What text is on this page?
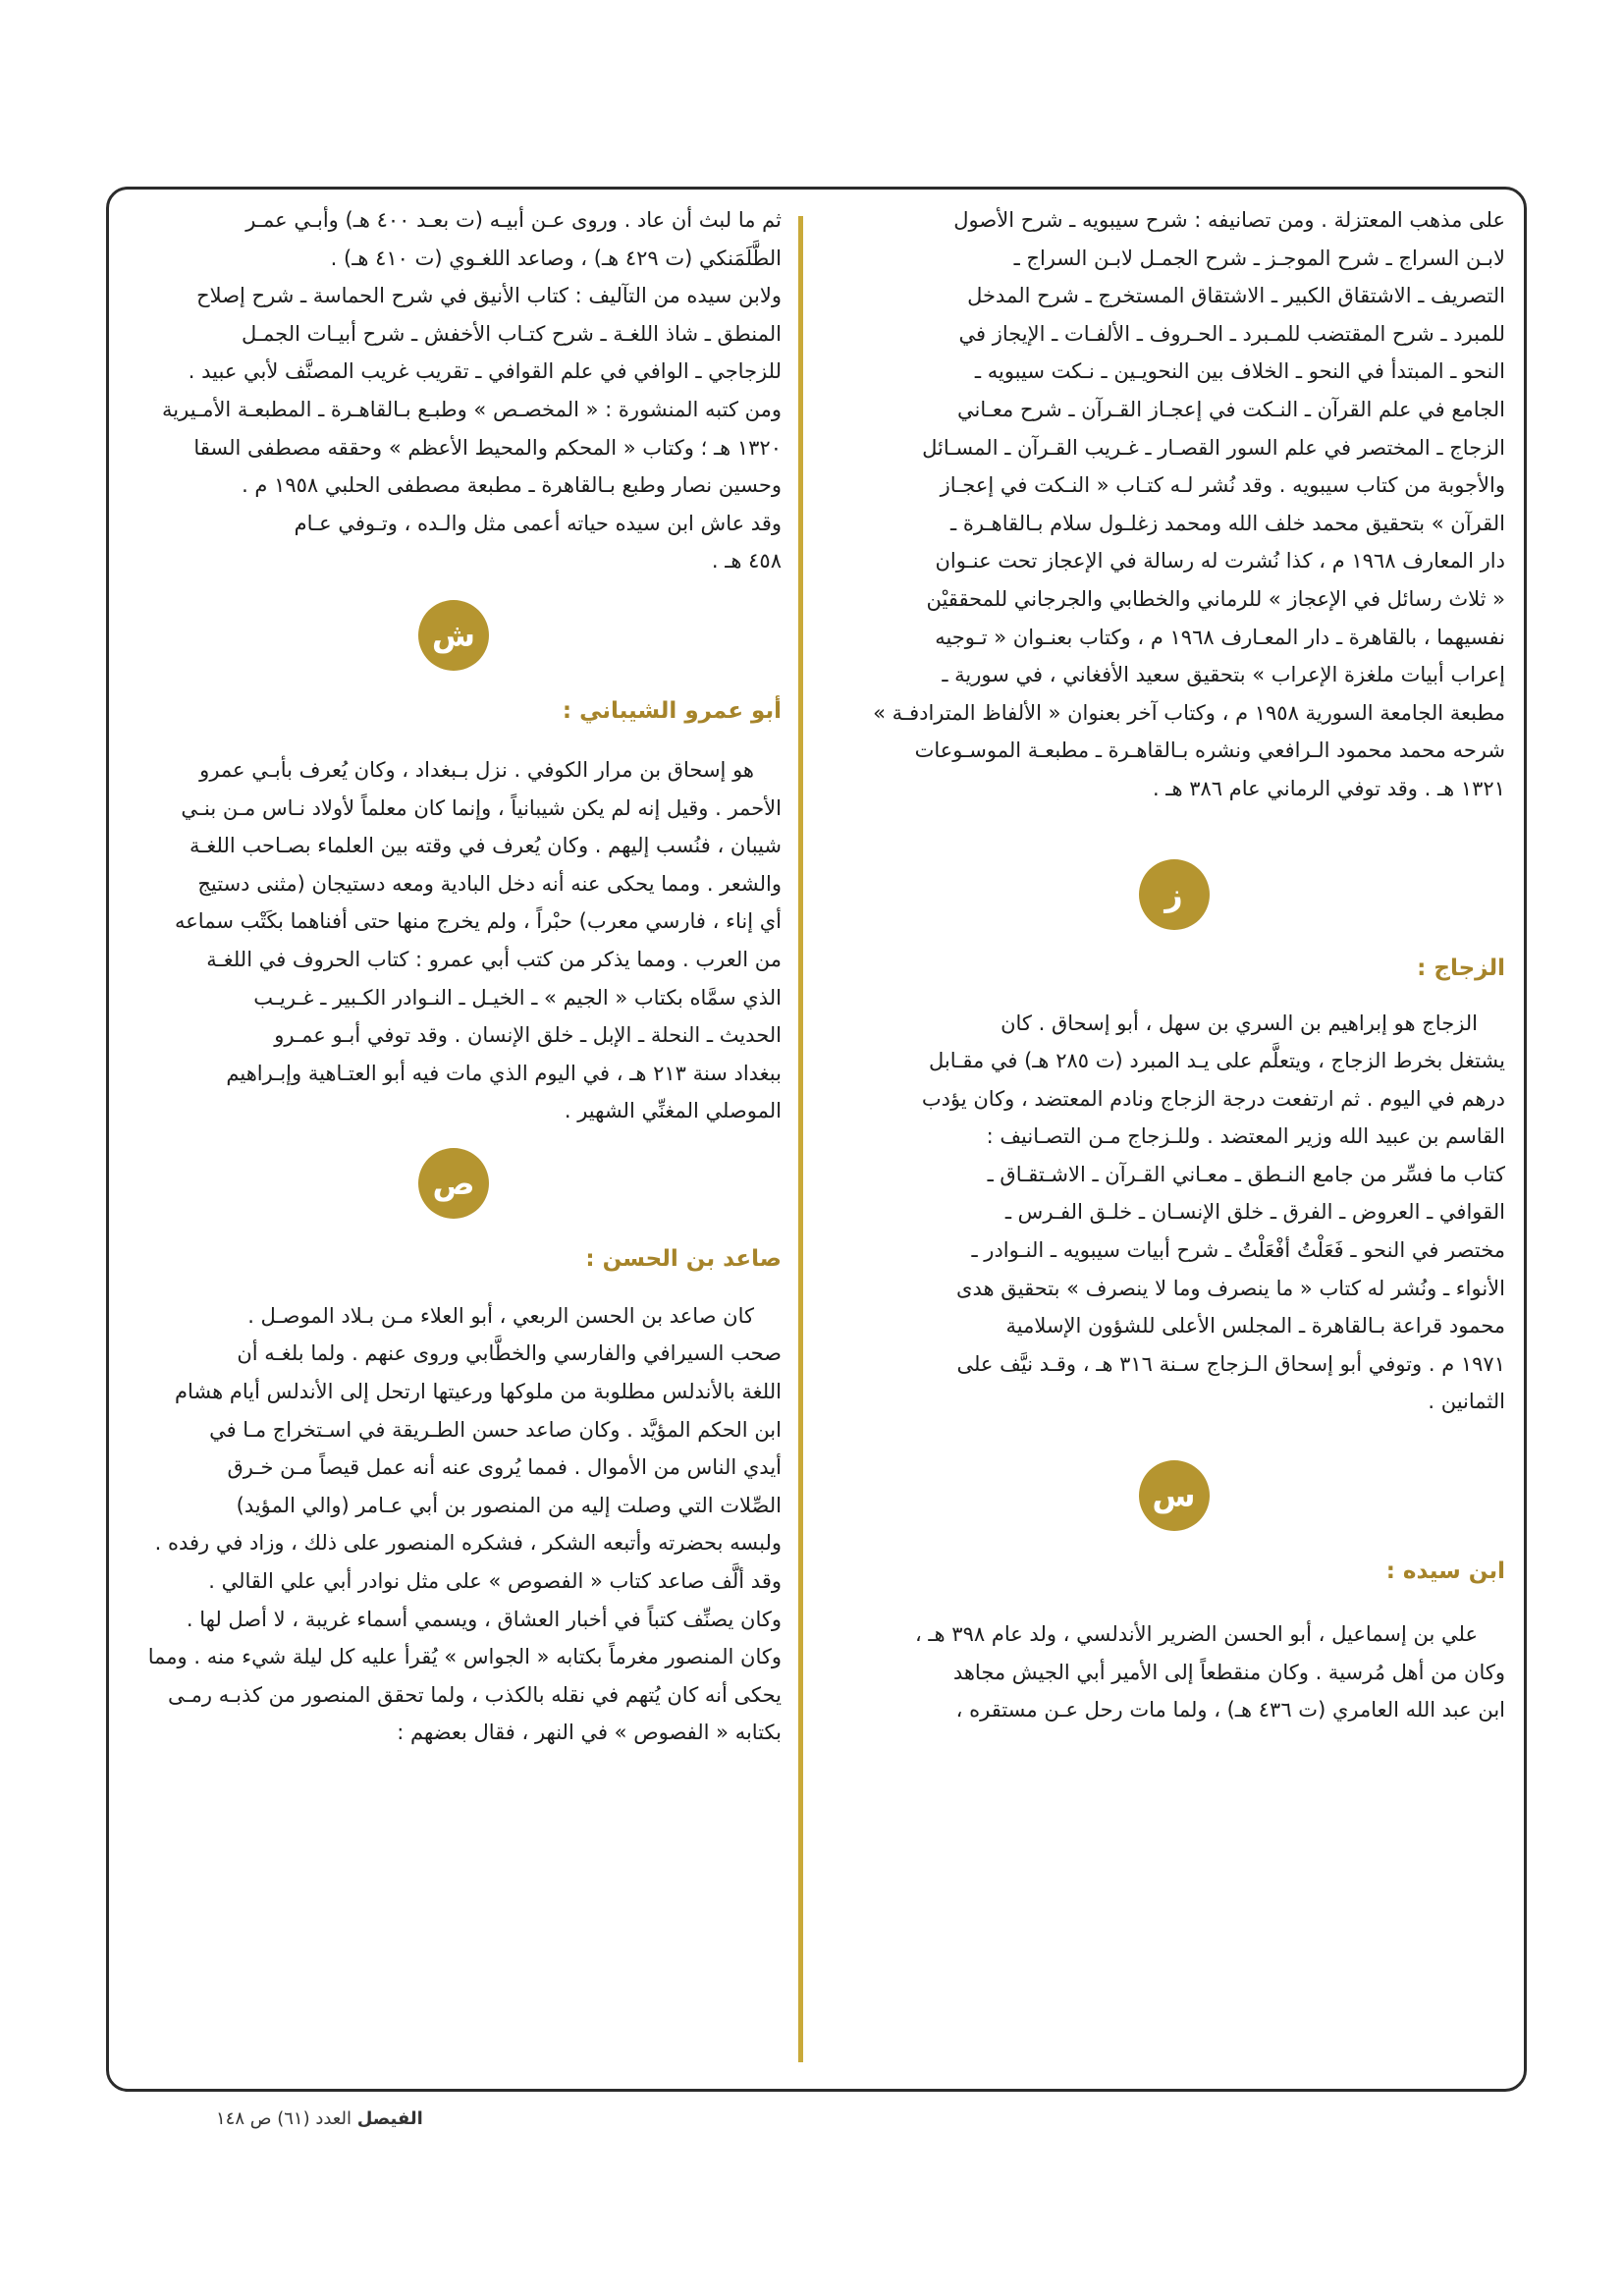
على مذهب المعتزلة . ومن تصانيفه : شرح سيبويه ـ شرح الأصول

لابـن السراج ـ شرح الموجـز ـ شرح الجمـل لابـن السراج ـ

التصريف ـ الاشتقاق الكبير ـ الاشتقاق المستخرج ـ شرح المدخل

للمبرد ـ شرح المقتضب للمـبرد ـ الحـروف ـ الألفـات ـ الإيجاز في

النحو ـ المبتدأ في النحو ـ الخلاف بين النحويـين ـ نـكت سيبويه ـ

الجامع في علم القرآن ـ النـكت في إعجـاز القـرآن ـ شرح معـاني

الزجاج ـ المختصر في علم السور القصـار ـ غـريب القـرآن ـ المسـائل

والأجوبة من كتاب سيبويه . وقد نُشر لـه كتـاب « النـكت في إعجـاز

القرآن » بتحقيق محمد خلف الله ومحمد زغلـول سلام بـالقاهـرة ـ

دار المعارف ١٩٦٨ م ، كذا نُشرت له رسالة في الإعجاز تحت عنـوان

« ثلاث رسائل في الإعجاز » للرماني والخطابي والجرجاني للمحققيْن

نفسيهما ، بالقاهرة ـ دار المعـارف ١٩٦٨ م ، وكتاب بعنـوان « تـوجيه

إعراب أبيات ملغزة الإعراب » بتحقيق سعيد الأفغاني ، في سورية ـ

مطبعة الجامعة السورية ١٩٥٨ م ، وكتاب آخر بعنوان « الألفاظ المترادفـة »

شرحه محمد محمود الـرافعي ونشره بـالقاهـرة ـ مطبعـة الموسـوعات

١٣٢١ هـ . وقد توفي الرماني عام ٣٨٦ هـ .

ز

الزجاج :

الزجاج هو إبراهيم بن السري بن سهل ، أبو إسحاق . كان

يشتغل بخرط الزجاج ، ويتعلَّم على يـد المبرد (ت ٢٨٥ هـ) في مقـابل

درهم في اليوم . ثم ارتفعت درجة الزجاج ونادم المعتضد ، وكان يؤدب

القاسم بن عبيد الله وزير المعتضد . وللـزجاج مـن التصـانيف :

كتاب ما فسِّر من جامع النـطق ـ معـاني القـرآن ـ الاشـتقـاق ـ

القوافي ـ العروض ـ الفرق ـ خلق الإنسـان ـ خلـق الفـرس ـ

مختصر في النحو ـ فَعَلْتُ أفْعَلْتُ ـ شرح أبيات سيبويه ـ النـوادر ـ

الأنواء ـ ونُشر له كتاب « ما ينصرف وما لا ينصرف » بتحقيق هدى

محمود قراعة بـالقاهرة ـ المجلس الأعلى للشؤون الإسلامية

١٩٧١ م . وتوفي أبو إسحاق الـزجاج سـنة ٣١٦ هـ ، وقـد نيَّف على

الثمانين .

س

ابن سيده :

علي بن إسماعيل ، أبو الحسن الضرير الأندلسي ، ولد عام ٣٩٨ هـ ،

وكان من أهل مُرسية . وكان منقطعاً إلى الأمير أبي الجيش مجاهد

ابن عبد الله العامري (ت ٤٣٦ هـ) ، ولما مات رحل عـن مستقره ،

ثم ما لبث أن عاد . وروى عـن أبيـه (ت بعـد ٤٠٠ هـ) وأبـي عمـر

الطَّلَمَنكي (ت ٤٢٩ هـ) ، وصاعد اللغـوي (ت ٤١٠ هـ) .

ولابن سيده من التآليف : كتاب الأنيق في شرح الحماسة ـ شرح إصلاح

المنطق ـ شاذ اللغـة ـ شرح كتـاب الأخفش ـ شرح أبيـات الجمـل

للزجاجي ـ الوافي في علم القوافي ـ تقريب غريب المصنَّف لأبي عبيد .

ومن كتبه المنشورة : « المخصـص » وطبـع بـالقاهـرة ـ المطبعـة الأمـيرية

١٣٢٠ هـ ؛ وكتاب « المحكم والمحيط الأعظم » وحققه مصطفى السقا

وحسين نصار وطبع بـالقاهرة ـ مطبعة مصطفى الحلبي ١٩٥٨ م .

وقد عاش ابن سيده حياته أعمى مثل والـده ، وتـوفي عـام

٤٥٨ هـ .

ش

أبو عمرو الشيباني :

هو إسحاق بن مرار الكوفي . نزل بـبغداد ، وكان يُعرف بأبـي عمرو

الأحمر . وقيل إنه لم يكن شيبانياً ، وإنما كان معلماً لأولاد نـاس مـن بنـي

شيبان ، فنُسب إليهم . وكان يُعرف في وقته بين العلماء بصـاحب اللغـة

والشعر . ومما يحكى عنه أنه دخل البادية ومعه دستيجان (مثنى دستيج

أي إناء ، فارسي معرب) حبْراً ، ولم يخرج منها حتى أفناهما بكَتْب سماعه

من العرب . ومما يذكر من كتب أبي عمرو : كتاب الحروف في اللغـة

الذي سمَّاه بكتاب « الجيم » ـ الخيـل ـ النـوادر الكـبير ـ غـريـب

الحديث ـ النحلة ـ الإبل ـ خلق الإنسان . وقد توفي أبـو عمـرو

ببغداد سنة ٢١٣ هـ ، في اليوم الذي مات فيه أبو العتـاهية وإبـراهيم

الموصلي المغنِّي الشهير .

ص

صاعد بن الحسن :

كان صاعد بن الحسن الربعي ، أبو العلاء مـن بـلاد الموصـل .

صحب السيرافي والفارسي والخطَّابي وروى عنهم . ولما بلغـه أن

اللغة بالأندلس مطلوبة من ملوكها ورعيتها ارتحل إلى الأندلس أيام هشام

ابن الحكم المؤيَّد . وكان صاعد حسن الطـريقة في اسـتخراج مـا في

أيدي الناس من الأموال . فمما يُروى عنه أنه عمل قيصاً مـن خـرق

الصِّلات التي وصلت إليه من المنصور بن أبي عـامر (والي المؤيد)

ولبسه بحضرته وأتبعه الشكر ، فشكره المنصور على ذلك ، وزاد في رفده .

وقد ألَّف صاعد كتاب « الفصوص » على مثل نوادر أبي علي القالي .

وكان يصنِّف كتباً في أخبار العشاق ، ويسمي أسماء غريبة ، لا أصل لها .

وكان المنصور مغرماً بكتابه « الجواس » يُقرأ عليه كل ليلة شيء منه . ومما

يحكى أنه كان يُتهم في نقله بالكذب ، ولما تحقق المنصور من كذبـه رمـى

بكتابه « الفصوص » في النهر ، فقال بعضهم :

الفيصل العدد (٦١) ص ١٤٨
